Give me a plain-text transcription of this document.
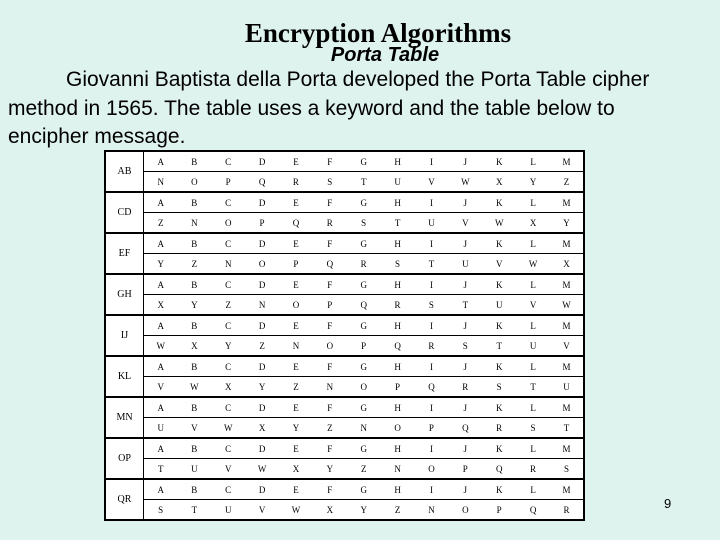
Encryption Algorithms
Porta Table
Giovanni Baptista della Porta developed the Porta Table cipher method in 1565. The table uses a keyword and the table below to encipher message.
AB	A	B	C	D	E	F	G	H	I	J	K	L	M
	N	O	P	Q	R	S	T	U	V	W	X	Y	Z
CD	A	B	C	D	E	F	G	H	I	J	K	L	M
	Z	N	O	P	Q	R	S	T	U	V	W	X	Y
EF	A	B	C	D	E	F	G	H	I	J	K	L	M
	Y	Z	N	O	P	Q	R	S	T	U	V	W	X
GH	A	B	C	D	E	F	G	H	I	J	K	L	M
	X	Y	Z	N	O	P	Q	R	S	T	U	V	W
IJ	A	B	C	D	E	F	G	H	I	J	K	L	M
	W	X	Y	Z	N	O	P	Q	R	S	T	U	V
KL	A	B	C	D	E	F	G	H	I	J	K	L	M
	V	W	X	Y	Z	N	O	P	Q	R	S	T	U
MN	A	B	C	D	E	F	G	H	I	J	K	L	M
	U	V	W	X	Y	Z	N	O	P	Q	R	S	T
OP	A	B	C	D	E	F	G	H	I	J	K	L	M
	T	U	V	W	X	Y	Z	N	O	P	Q	R	S
QR	A	B	C	D	E	F	G	H	I	J	K	L	M
	S	T	U	V	W	X	Y	Z	N	O	P	Q	R	9
